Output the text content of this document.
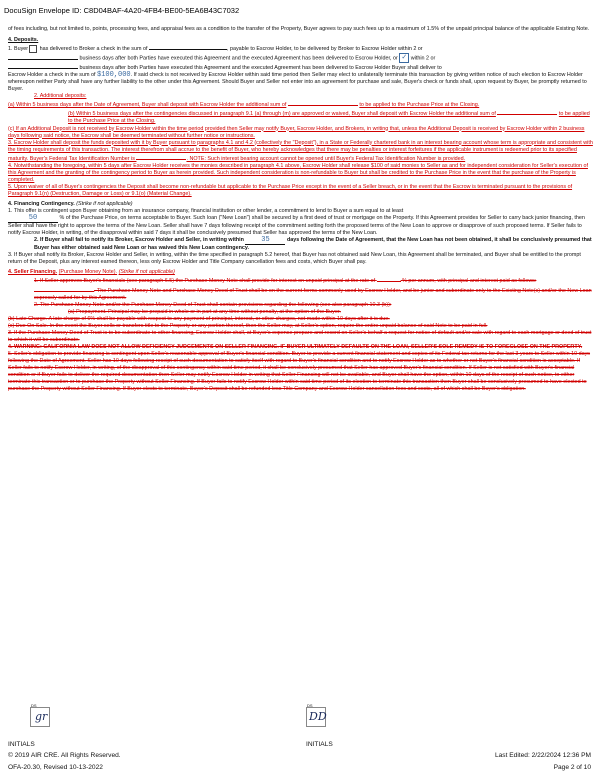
DocuSign Envelope ID: C8D04BAF-4A20-4FB4-BE00-5EA6B43C7032

of fees including, but not limited to, points, processing fees, and appraisal fees as a condition to the transfer of the Property, Buyer agrees to pay such fees up to a maximum of 1.5% of the unpaid principal balance of the applicable Existing Note.

4. Deposits.

1. Buyer has delivered to Broker a check in the sum of	, payable to Escrow Holder, to be delivered by Broker to Escrow Holder within 2 or
business days after both Parties have executed this Agreement and the executed Agreement has been delivered to Escrow Holder, or ✓ within 2 or
business days after both Parties have executed this Agreement and the executed Agreement has been delivered to Escrow Holder Buyer shall deliver to
Escrow Holder a check in the sum of $100,000. If said check is not received by Escrow Holder within said time period then Seller may elect to unilaterally terminate this transaction by giving written notice of such election to Escrow Holder whereupon neither Party shall have any further liability to the other under this Agreement. Should Buyer and Seller not enter into an agreement for purchase and sale, Buyer's check or funds shall, upon request by Buyer, be promptly returned to Buyer.

2. Additional deposits:

(a) Within 5 business days after the Date of Agreement, Buyer shall deposit with Escrow Holder the additional sum of	to be applied to the Purchase Price at the Closing.

(b) Within 5 business days after the contingencies discussed in paragraph 9.1 (a) through (m) are approved or waived, Buyer shall deposit with Escrow Holder the additional sum of	to be applied to the Purchase Price at the Closing.

(c) If an Additional Deposit is not received by Escrow Holder within the time period provided then Seller may notify Buyer, Escrow Holder, and Brokers, in writing that, unless the Additional Deposit is received by Escrow Holder within 2 business days following said notice, the Escrow shall be deemed terminated without further notice or instructions.

3. Escrow Holder shall deposit the funds deposited with it by Buyer pursuant to paragraphs 4.1 and 4.2 (collectively the "Deposit"), in a State or Federally chartered bank in an interest bearing account whose term is appropriate and consistent with the timing requirements of this transaction. The interest therefrom shall accrue to the benefit of Buyer, who hereby acknowledges that there may be penalties or interest forfeitures if the applicable instrument is redeemed prior to its specified maturity. Buyer's Federal Tax Identification Number is	. NOTE: Such interest bearing account cannot be opened until Buyer's Federal Tax Identification Number is provided.

4. Notwithstanding the foregoing, within 5 days after Escrow Holder receives the monies described in paragraph 4.1 above, Escrow Holder shall release $100 of said monies to Seller as and for independent consideration for Seller's execution of this Agreement and the granting of the contingency period to Buyer as herein provided. Such independent consideration is non-refundable to Buyer but shall be credited to the Purchase Price in the event that the purchase of the Property is completed.

5. Upon waiver of all of Buyer's contingencies the Deposit shall become non-refundable but applicable to the Purchase Price except in the event of a Seller breach, or in the event that the Escrow is terminated pursuant to the provisions of Paragraph 9.1(n) (Destruction, Damage or Loss) or 9.1(o) (Material Change).

4. Financing Contingency. (Strike if not applicable)

1. This offer is contingent upon Buyer obtaining from an insurance company, financial institution or other lender, a commitment to lend to Buyer a sum equal to at least
50	% of the Purchase Price, on terms acceptable to Buyer. Such loan ("New Loan") shall be secured by a first deed of trust or mortgage on the Property. If this Agreement provides for Seller to carry back junior financing, then Seller shall have the right to approve the terms of the New Loan. Seller shall have 7 days following receipt of the commitment setting forth the proposed terms of the New Loan to approve or disapprove of such proposed terms. If Seller fails to notify Escrow Holder, in writing, of the disapproval within said 7 days it shall be conclusively presumed that Seller has approved the terms of the New Loan.

2. If Buyer shall fail to notify its Broker, Escrow Holder and Seller, in writing within 35	days following the Date of Agreement, that the New Loan has not been obtained, it shall be conclusively presumed that Buyer has either obtained said New Loan or has waived this New Loan contingency.

3. If Buyer shall notify its Broker, Escrow Holder and Seller, in writing, within the time specified in paragraph 5.2 hereof, that Buyer has not obtained said New Loan, this Agreement shall be terminated, and Buyer shall be entitled to the prompt return of the Deposit, plus any interest earned thereon, less only Escrow Holder and Title Company cancellation fees and costs, which Buyer shall pay.

4. Seller Financing. (Purchase Money Note). (Strike if not applicable)

1. If Seller approves Buyer's financials (see paragraph 6.5) the Purchase Money Note shall provide for interest on unpaid principal at the rate of	% per annum, with principal and interest paid as follows: . The Purchase Money Note and Purchase Money Deed of Trust shall be on the current forms commonly used by Escrow Holder, and be junior and subordinate only to the Existing Note(s) and/or the New Loan expressly called for by this Agreement.

2. The Purchase Money Note and/or the Purchase Money Deed of Trust shall contain provisions regarding the following (see also paragraph 10.3 (b)):

(a) Prepayment. Principal may be prepaid in whole or in part at any time without penalty, at the option of the Buyer.

(b) Late Charge. A late charge of 6% shall be payable with respect to any payment of principal, interest, or other charges, not made within 10 days after it is due.

(c) Due On Sale. In the event the Buyer sells or transfers title to the Property or any portion thereof, then the Seller may, at Seller's option, require the entire unpaid balance of said Note to be paid in full.

3. If the Purchase Money Deed of Trust is to be subordinate to other financing, Escrow Holder shall, at Buyer's expense prepare and record on Seller's behalf a request for notice of default and/or sale with regard to each mortgage or deed of trust to which it will be subordinate.

4. WARNING: CALIFORNIA LAW DOES NOT ALLOW DEFICIENCY JUDGEMENTS ON SELLER FINANCING. IF BUYER ULTIMATELY DEFAULTS ON THE LOAN, SELLER'S SOLE REMEDY IS TO FORECLOSE ON THE PROPERTY.

5. Seller's obligation to provide financing is contingent upon Seller's reasonable approval of Buyer's financial condition. Buyer to provide a current financial statement and copies of its Federal tax returns for the last 3 years to Seller within 10 days following the Date of Agreement. Seller has 10 days following receipt of such documentation to satisfy itself with regard to Buyer's financial condition and to notify Escrow Holder as to whether or not Buyer's financial condition is acceptable. If Seller fails to notify Escrow Holder, in writing, of the disapproval of this contingency within said time period, it shall be conclusively presumed that Seller has approved Buyer's financial condition. If Seller is not satisfied with Buyer's financial condition or if Buyer fails to deliver the required documentation then Seller may notify Escrow Holder in writing that Seller Financing will not be available, and Buyer shall have the option, within 10 days of the receipt of such notice, to either terminate this transaction or to purchase the Property without Seller Financing. If Buyer fails to notify Escrow Holder within said time period of its election to terminate this transaction then Buyer shall be conclusively presumed to have elected to purchase the Property without Seller Financing. If Buyer elects to terminate, Buyer's Deposit shall be refunded less Title Company and Escrow Holder cancellation fees and costs, all of which shall be Buyer's obligation.

DS
gr
DS
DD
INITIALS	INITIALS
© 2019 AIR CRE. All Rights Reserved.
OFA-20.30, Revised 10-13-2022
Last Edited: 2/22/2024 12:36 PM
Page 2 of 10
